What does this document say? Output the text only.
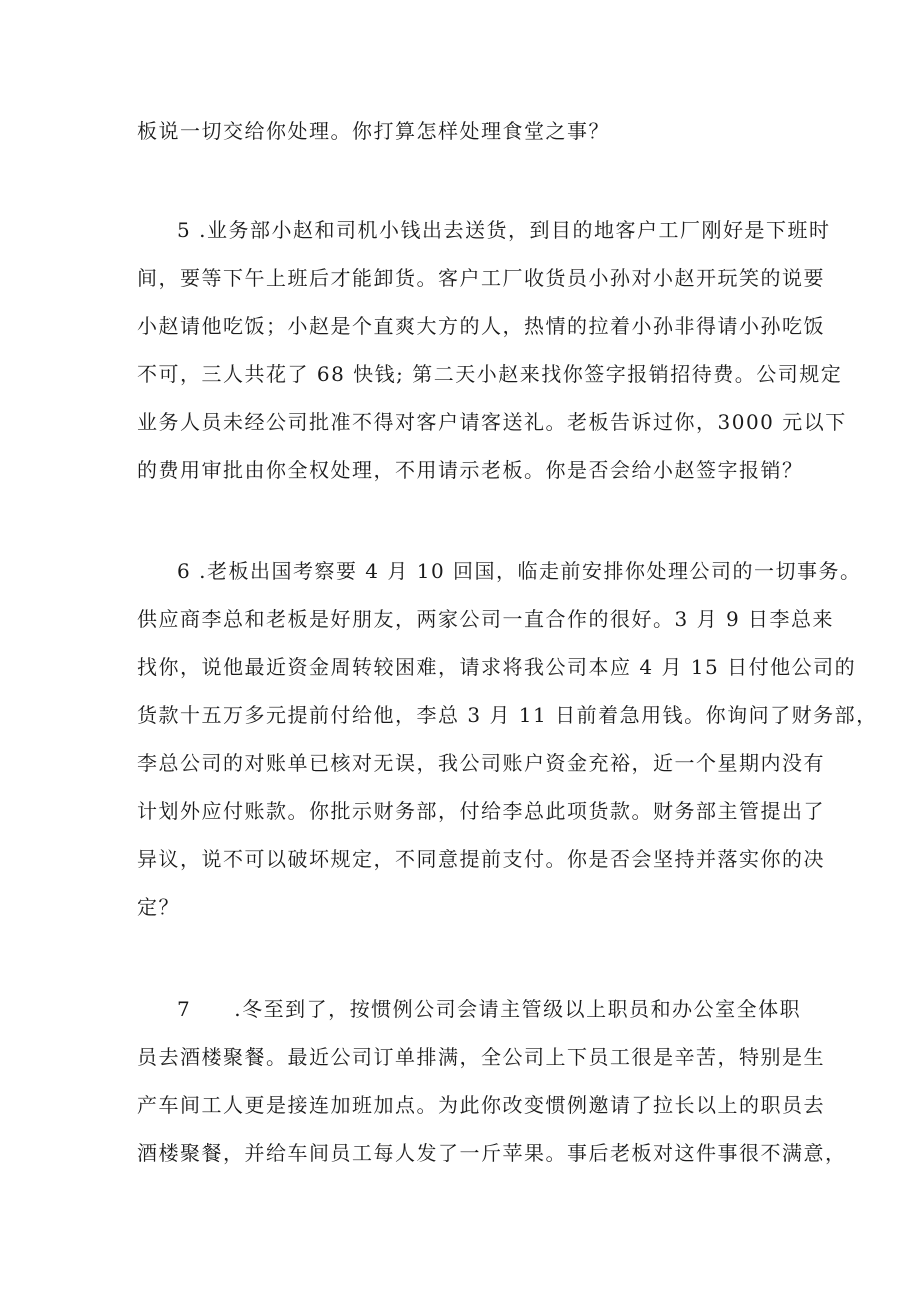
板说一切交给你处理。你打算怎样处理食堂之事？
5 .业务部小赵和司机小钱出去送货，到目的地客户工厂刚好是下班时
间，要等下午上班后才能卸货。客户工厂收货员小孙对小赵开玩笑的说要
小赵请他吃饭；小赵是个直爽大方的人，热情的拉着小孙非得请小孙吃饭
不可，三人共花了 68 快钱; 第二天小赵来找你签字报销招待费。公司规定
业务人员未经公司批准不得对客户请客送礼。老板告诉过你，3000 元以下
的费用审批由你全权处理，不用请示老板。你是否会给小赵签字报销？
6 .老板出国考察要 4 月 10 回国，临走前安排你处理公司的一切事务。
供应商李总和老板是好朋友，两家公司一直合作的很好。3 月 9 日李总来
找你，说他最近资金周转较困难，请求将我公司本应 4 月 15 日付他公司的
货款十五万多元提前付给他，李总 3 月 11 日前着急用钱。你询问了财务部，
李总公司的对账单已核对无误，我公司账户资金充裕，近一个星期内没有
计划外应付账款。你批示财务部，付给李总此项货款。财务部主管提出了
异议，说不可以破坏规定，不同意提前支付。你是否会坚持并落实你的决
定？
7　　.冬至到了，按惯例公司会请主管级以上职员和办公室全体职
员去酒楼聚餐。最近公司订单排满，全公司上下员工很是辛苦，特别是生
产车间工人更是接连加班加点。为此你改变惯例邀请了拉长以上的职员去
酒楼聚餐，并给车间员工每人发了一斤苹果。事后老板对这件事很不满意，
